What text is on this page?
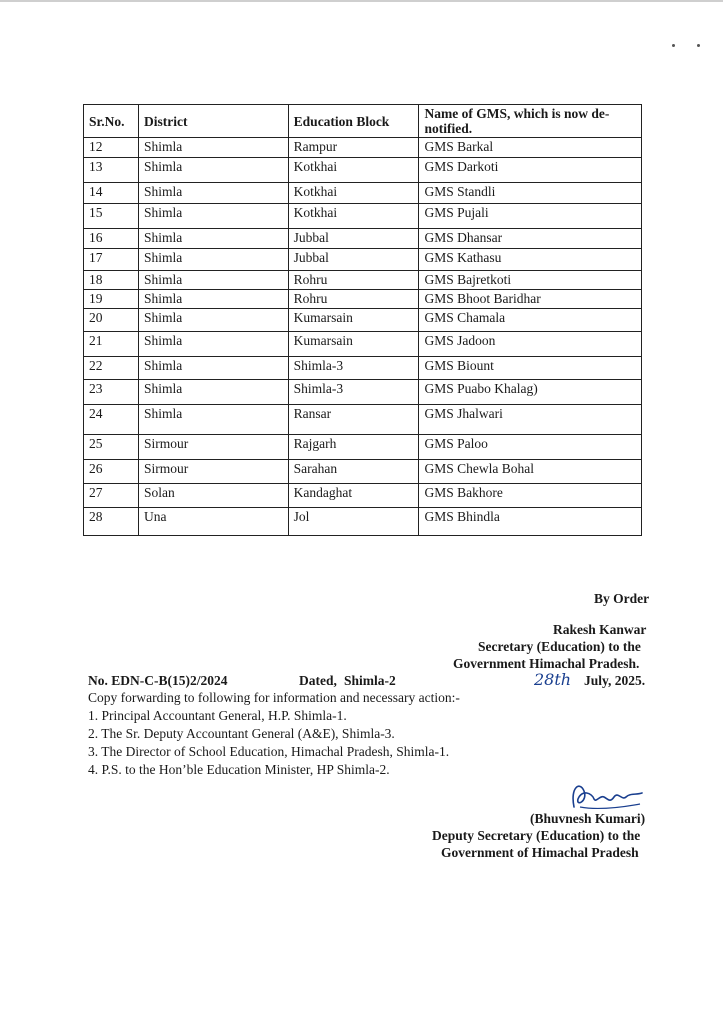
Sr.No.	District	Education Block	Name of GMS, which is now de-notified.
12	Shimla	Rampur	GMS Barkal
13	Shimla	Kotkhai	GMS Darkoti
14	Shimla	Kotkhai	GMS Standli
15	Shimla	Kotkhai	GMS Pujali
16	Shimla	Jubbal	GMS Dhansar
17	Shimla	Jubbal	GMS Kathasu
18	Shimla	Rohru	GMS Bajretkoti
19	Shimla	Rohru	GMS Bhoot Baridhar
20	Shimla	Kumarsain	GMS Chamala
21	Shimla	Kumarsain	GMS Jadoon
22	Shimla	Shimla-3	GMS Biount
23	Shimla	Shimla-3	GMS Puabo Khalag)
24	Shimla	Ransar	GMS Jhalwari
25	Sirmour	Rajgarh	GMS Paloo
26	Sirmour	Sarahan	GMS Chewla Bohal
27	Solan	Kandaghat	GMS Bakhore
28	Una	Jol	GMS Bhindla
By Order
Rakesh Kanwar
Secretary (Education) to the
Government Himachal Pradesh.
No. EDN-C-B(15)2/2024	Dated, Shimla-2	28th July, 2025.
Copy forwarding to following for information and necessary action:-
1. Principal Accountant General, H.P. Shimla-1.
2. The Sr. Deputy Accountant General (A&E), Shimla-3.
3. The Director of School Education, Himachal Pradesh, Shimla-1.
4. P.S. to the Hon’ble Education Minister, HP Shimla-2.
(Bhuvnesh Kumari)
Deputy Secretary (Education) to the
Government of Himachal Pradesh
